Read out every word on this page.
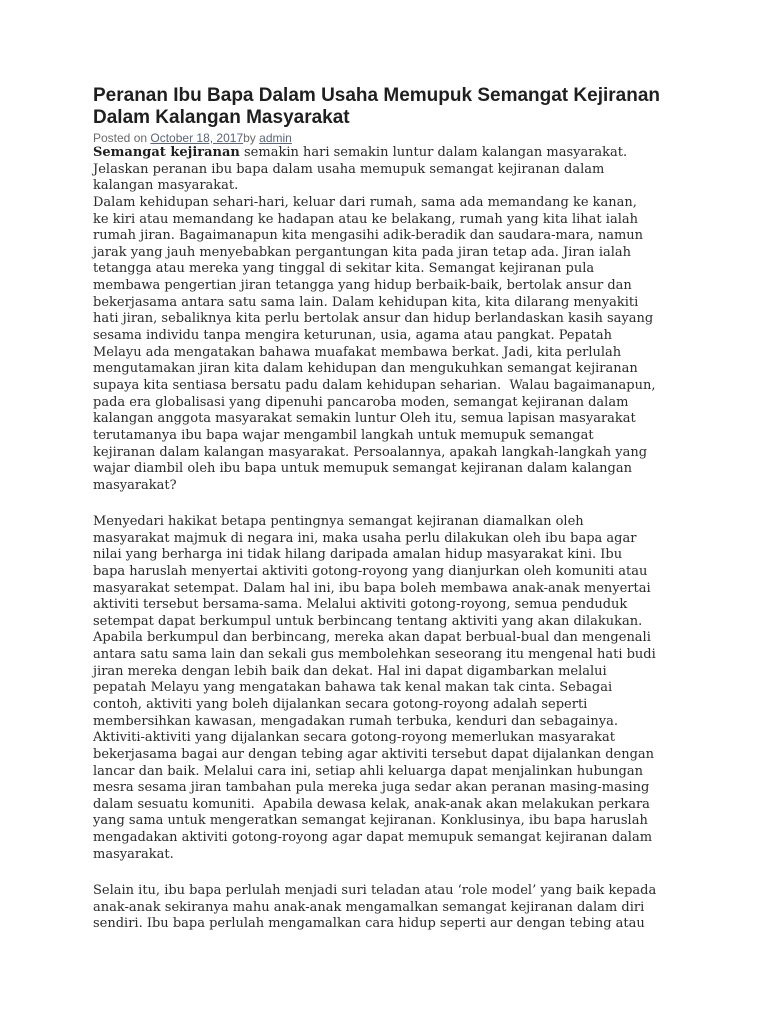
Peranan Ibu Bapa Dalam Usaha Memupuk Semangat Kejiranan Dalam Kalangan Masyarakat
Posted on October 18, 2017by admin
Semangat kejiranan semakin hari semakin luntur dalam kalangan masyarakat.
Jelaskan peranan ibu bapa dalam usaha memupuk semangat kejiranan dalam
kalangan masyarakat.
Dalam kehidupan sehari-hari, keluar dari rumah, sama ada memandang ke kanan,
ke kiri atau memandang ke hadapan atau ke belakang, rumah yang kita lihat ialah
rumah jiran. Bagaimanapun kita mengasihi adik-beradik dan saudara-mara, namun
jarak yang jauh menyebabkan pergantungan kita pada jiran tetap ada. Jiran ialah
tetangga atau mereka yang tinggal di sekitar kita. Semangat kejiranan pula
membawa pengertian jiran tetangga yang hidup berbaik-baik, bertolak ansur dan
bekerjasama antara satu sama lain. Dalam kehidupan kita, kita dilarang menyakiti
hati jiran, sebaliknya kita perlu bertolak ansur dan hidup berlandaskan kasih sayang
sesama individu tanpa mengira keturunan, usia, agama atau pangkat. Pepatah
Melayu ada mengatakan bahawa muafakat membawa berkat. Jadi, kita perlulah
mengutamakan jiran kita dalam kehidupan dan mengukuhkan semangat kejiranan
supaya kita sentiasa bersatu padu dalam kehidupan seharian.  Walau bagaimanapun,
pada era globalisasi yang dipenuhi pancaroba moden, semangat kejiranan dalam
kalangan anggota masyarakat semakin luntur Oleh itu, semua lapisan masyarakat
terutamanya ibu bapa wajar mengambil langkah untuk memupuk semangat
kejiranan dalam kalangan masyarakat. Persoalannya, apakah langkah-langkah yang
wajar diambil oleh ibu bapa untuk memupuk semangat kejiranan dalam kalangan
masyarakat?
Menyedari hakikat betapa pentingnya semangat kejiranan diamalkan oleh
masyarakat majmuk di negara ini, maka usaha perlu dilakukan oleh ibu bapa agar
nilai yang berharga ini tidak hilang daripada amalan hidup masyarakat kini. Ibu
bapa haruslah menyertai aktiviti gotong-royong yang dianjurkan oleh komuniti atau
masyarakat setempat. Dalam hal ini, ibu bapa boleh membawa anak-anak menyertai
aktiviti tersebut bersama-sama. Melalui aktiviti gotong-royong, semua penduduk
setempat dapat berkumpul untuk berbincang tentang aktiviti yang akan dilakukan.
Apabila berkumpul dan berbincang, mereka akan dapat berbual-bual dan mengenali
antara satu sama lain dan sekali gus membolehkan seseorang itu mengenal hati budi
jiran mereka dengan lebih baik dan dekat. Hal ini dapat digambarkan melalui
pepatah Melayu yang mengatakan bahawa tak kenal makan tak cinta. Sebagai
contoh, aktiviti yang boleh dijalankan secara gotong-royong adalah seperti
membersihkan kawasan, mengadakan rumah terbuka, kenduri dan sebagainya.
Aktiviti-aktiviti yang dijalankan secara gotong-royong memerlukan masyarakat
bekerjasama bagai aur dengan tebing agar aktiviti tersebut dapat dijalankan dengan
lancar dan baik. Melalui cara ini, setiap ahli keluarga dapat menjalinkan hubungan
mesra sesama jiran tambahan pula mereka juga sedar akan peranan masing-masing
dalam sesuatu komuniti.  Apabila dewasa kelak, anak-anak akan melakukan perkara
yang sama untuk mengeratkan semangat kejiranan. Konklusinya, ibu bapa haruslah
mengadakan aktiviti gotong-royong agar dapat memupuk semangat kejiranan dalam
masyarakat.
Selain itu, ibu bapa perlulah menjadi suri teladan atau ‘role model’ yang baik kepada
anak-anak sekiranya mahu anak-anak mengamalkan semangat kejiranan dalam diri
sendiri. Ibu bapa perlulah mengamalkan cara hidup seperti aur dengan tebing atau
